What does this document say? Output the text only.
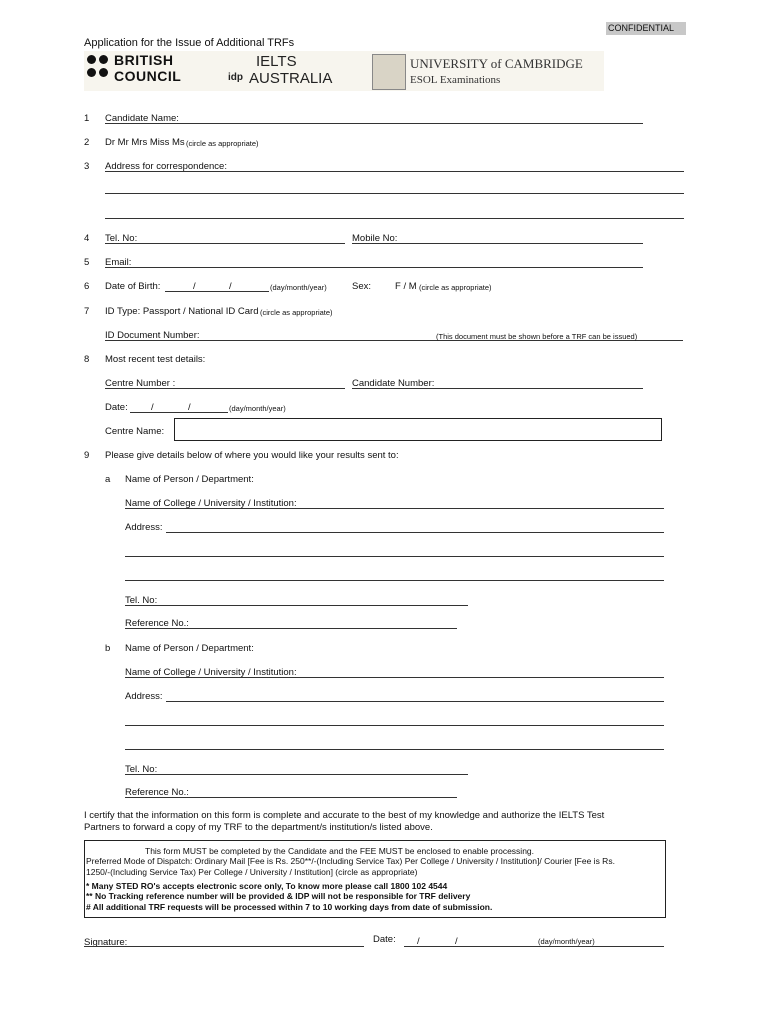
CONFIDENTIAL
Application for the Issue of Additional TRFs
BRITISH
COUNCIL
IELTS
idp AUSTRALIA
UNIVERSITY of CAMBRIDGE
ESOL Examinations
1 Candidate Name:
2 Dr Mr Mrs Miss Ms (circle as appropriate)
3 Address for correspondence:
4 Tel. No:	Mobile No:
5 Email:
6 Date of Birth:	/	/	(day/month/year)	Sex:	F / M (circle as appropriate)
7 ID Type: Passport / National ID Card (circle as appropriate)
ID Document Number:	(This document must be shown before a TRF can be issued)
8 Most recent test details:
Centre Number :	Candidate Number:
Date: /	/	(day/month/year)
Centre Name:
9 Please give details below of where you would like your results sent to:
a Name of Person / Department:
Name of College / University / Institution:
Address:
Tel. No:
Reference No.:
b Name of Person / Department:
Name of College / University / Institution:
Address:
Tel. No:
Reference No.:
I certify that the information on this form is complete and accurate to the best of my knowledge and authorize the IELTS Test
Partners to forward a copy of my TRF to the department/s institution/s listed above.
This form MUST be completed by the Candidate and the FEE MUST be enclosed to enable processing.
Preferred Mode of Dispatch: Ordinary Mail [Fee is Rs. 250**/-(Including Service Tax) Per College / University / Institution]/ Courier [Fee is Rs.
1250/-(Including Service Tax) Per College / University / Institution] (circle as appropriate)
* Many STED RO's accepts electronic score only, To know more please call 1800 102 4544
** No Tracking reference number will be provided & IDP will not be responsible for TRF delivery
# All additional TRF requests will be processed within 7 to 10 working days from date of submission.
Signature:	Date: /	/	(day/month/year)
